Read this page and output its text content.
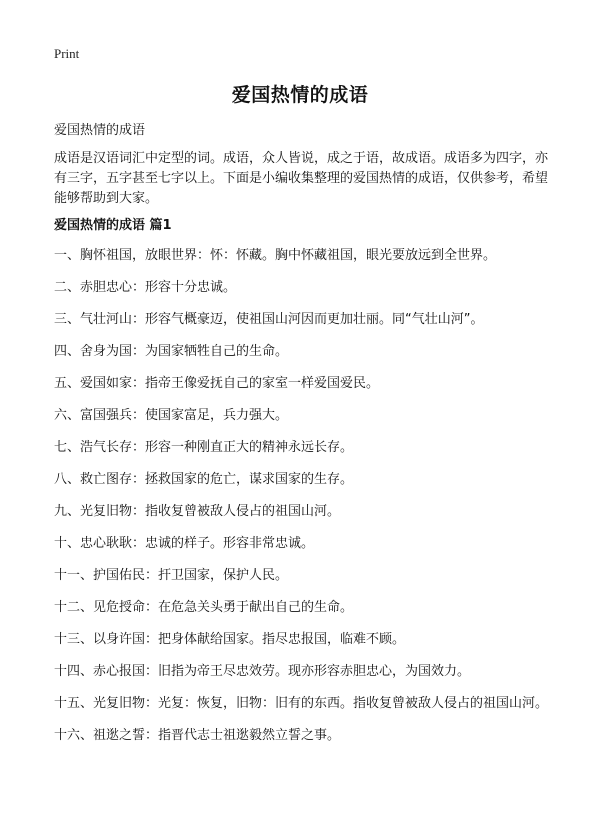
Print
爱国热情的成语

爱国热情的成语

成语是汉语词汇中定型的词。成语，众人皆说，成之于语，故成语。成语多为四字，亦有三字，五字甚至七字以上。下面是小编收集整理的爱国热情的成语，仅供参考，希望能够帮助到大家。

爱国热情的成语 篇1
一、胸怀祖国，放眼世界：怀：怀藏。胸中怀藏祖国，眼光要放远到全世界。
二、赤胆忠心：形容十分忠诚。
三、气壮河山：形容气概豪迈，使祖国山河因而更加壮丽。同“气壮山河”。
四、舍身为国：为国家牺牲自己的生命。
五、爱国如家：指帝王像爱抚自己的家室一样爱国爱民。
六、富国强兵：使国家富足，兵力强大。
七、浩气长存：形容一种刚直正大的精神永远长存。
八、救亡图存：拯救国家的危亡，谋求国家的生存。
九、光复旧物：指收复曾被敌人侵占的祖国山河。
十、忠心耿耿：忠诚的样子。形容非常忠诚。
十一、护国佑民：扞卫国家，保护人民。
十二、见危授命：在危急关头勇于献出自己的生命。
十三、以身许国：把身体献给国家。指尽忠报国，临难不顾。
十四、赤心报国：旧指为帝王尽忠效劳。现亦形容赤胆忠心，为国效力。
十五、光复旧物：光复：恢复，旧物：旧有的东西。指收复曾被敌人侵占的祖国山河。
十六、祖逖之誓：指晋代志士祖逖毅然立誓之事。
